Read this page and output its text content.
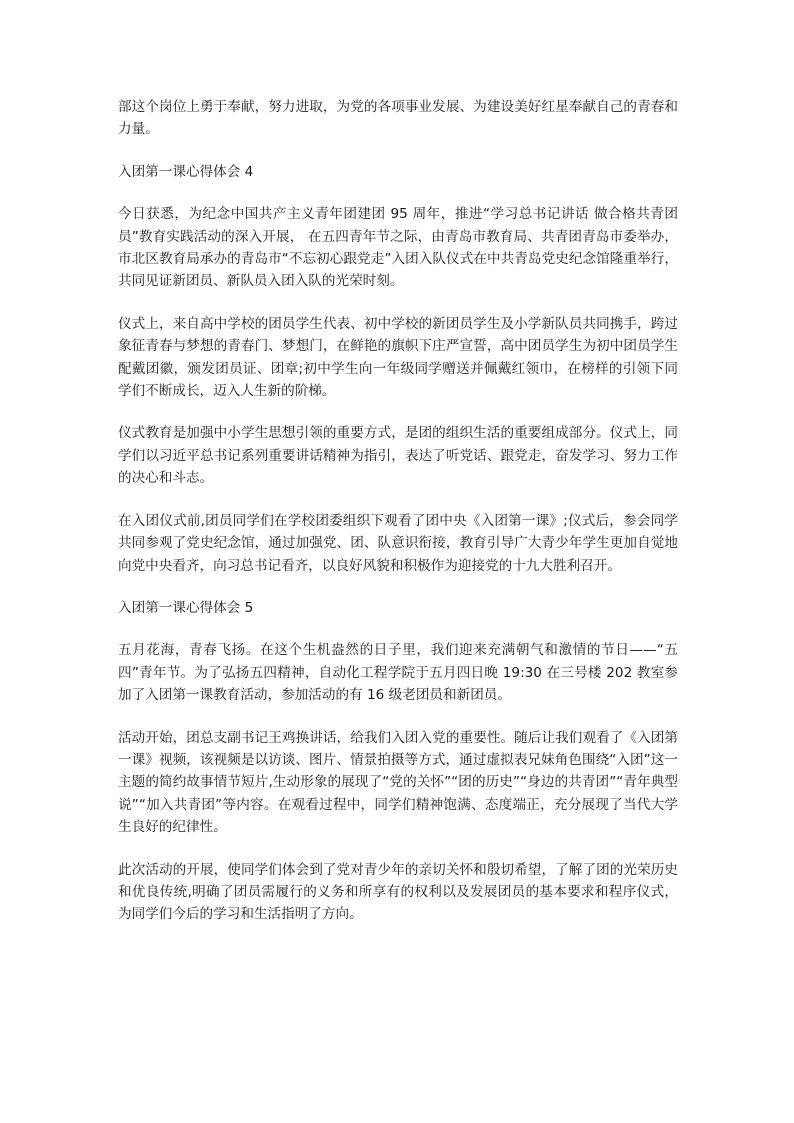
部这个岗位上勇于奉献，努力进取，为党的各项事业发展、为建设美好红星奉献自己的青春和力量。

入团第一课心得体会 4

今日获悉，为纪念中国共产主义青年团建团 95 周年，推进“学习总书记讲话 做合格共青团员”教育实践活动的深入开展， 在五四青年节之际，由青岛市教育局、共青团青岛市委举办，市北区教育局承办的青岛市“不忘初心跟党走”入团入队仪式在中共青岛党史纪念馆隆重举行，共同见证新团员、新队员入团入队的光荣时刻。

仪式上，来自高中学校的团员学生代表、初中学校的新团员学生及小学新队员共同携手，跨过象征青春与梦想的青春门、梦想门，在鲜艳的旗帜下庄严宣誓，高中团员学生为初中团员学生配戴团徽，颁发团员证、团章;初中学生向一年级同学赠送并佩戴红领巾，在榜样的引领下同学们不断成长，迈入人生新的阶梯。

仪式教育是加强中小学生思想引领的重要方式，是团的组织生活的重要组成部分。仪式上，同学们以习近平总书记系列重要讲话精神为指引，表达了听党话、跟党走，奋发学习、努力工作的决心和斗志。

在入团仪式前,团员同学们在学校团委组织下观看了团中央《入团第一课》;仪式后，参会同学共同参观了党史纪念馆，通过加强党、团、队意识衔接，教育引导广大青少年学生更加自觉地向党中央看齐，向习总书记看齐，以良好风貌和积极作为迎接党的十九大胜利召开。

入团第一课心得体会 5

五月花海，青春飞扬。在这个生机盎然的日子里，我们迎来充满朝气和激情的节日——“五四”青年节。为了弘扬五四精神，自动化工程学院于五月四日晚 19:30 在三号楼 202 教室参加了入团第一课教育活动，参加活动的有 16 级老团员和新团员。

活动开始，团总支副书记王鸡换讲话，给我们入团入党的重要性。随后让我们观看了《入团第一课》视频，该视频是以访谈、图片、情景拍摄等方式，通过虚拟表兄妹角色围绕“入团”这一主题的简约故事情节短片,生动形象的展现了“党的关怀”“团的历史”“身边的共青团”“青年典型说”“加入共青团”等内容。在观看过程中，同学们精神饱满、态度端正，充分展现了当代大学生良好的纪律性。

此次活动的开展，使同学们体会到了党对青少年的亲切关怀和殷切希望，了解了团的光荣历史和优良传统,明确了团员需履行的义务和所享有的权利以及发展团员的基本要求和程序仪式，为同学们今后的学习和生活指明了方向。
